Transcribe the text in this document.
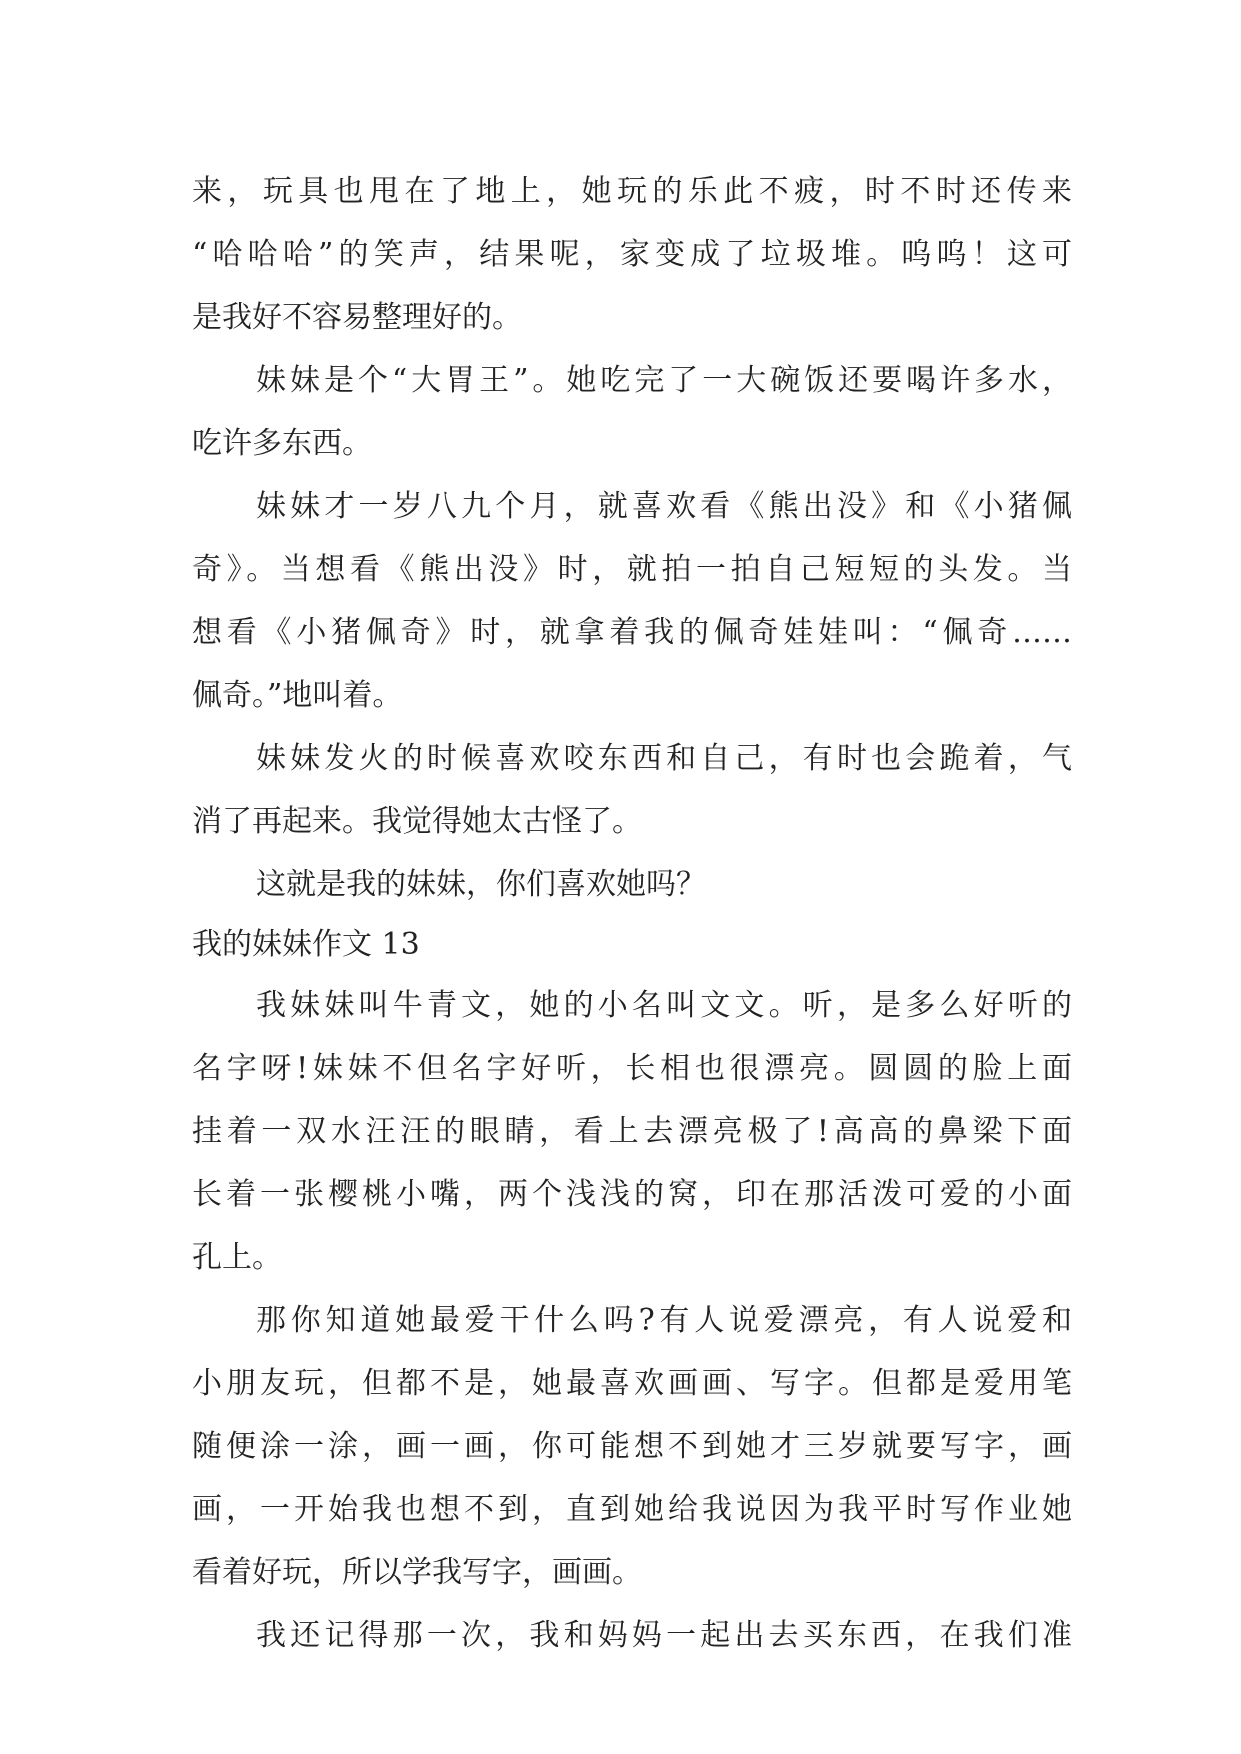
来，玩具也甩在了地上，她玩的乐此不疲，时不时还传来
“哈哈哈”的笑声，结果呢，家变成了垃圾堆。呜呜！这可
是我好不容易整理好的。
妹妹是个“大胃王”。她吃完了一大碗饭还要喝许多水，
吃许多东西。
妹妹才一岁八九个月，就喜欢看《熊出没》和《小猪佩
奇》。当想看《熊出没》时，就拍一拍自己短短的头发。当
想看《小猪佩奇》时，就拿着我的佩奇娃娃叫：“佩奇……
佩奇。”地叫着。
妹妹发火的时候喜欢咬东西和自己，有时也会跪着，气
消了再起来。我觉得她太古怪了。
这就是我的妹妹，你们喜欢她吗？
我的妹妹作文 13
我妹妹叫牛青文，她的小名叫文文。听，是多么好听的
名字呀!妹妹不但名字好听，长相也很漂亮。圆圆的脸上面
挂着一双水汪汪的眼睛，看上去漂亮极了!高高的鼻梁下面
长着一张樱桃小嘴，两个浅浅的窝，印在那活泼可爱的小面
孔上。
那你知道她最爱干什么吗?有人说爱漂亮，有人说爱和
小朋友玩，但都不是，她最喜欢画画、写字。但都是爱用笔
随便涂一涂，画一画，你可能想不到她才三岁就要写字，画
画，一开始我也想不到，直到她给我说因为我平时写作业她
看着好玩，所以学我写字，画画。
我还记得那一次，我和妈妈一起出去买东西，在我们准
